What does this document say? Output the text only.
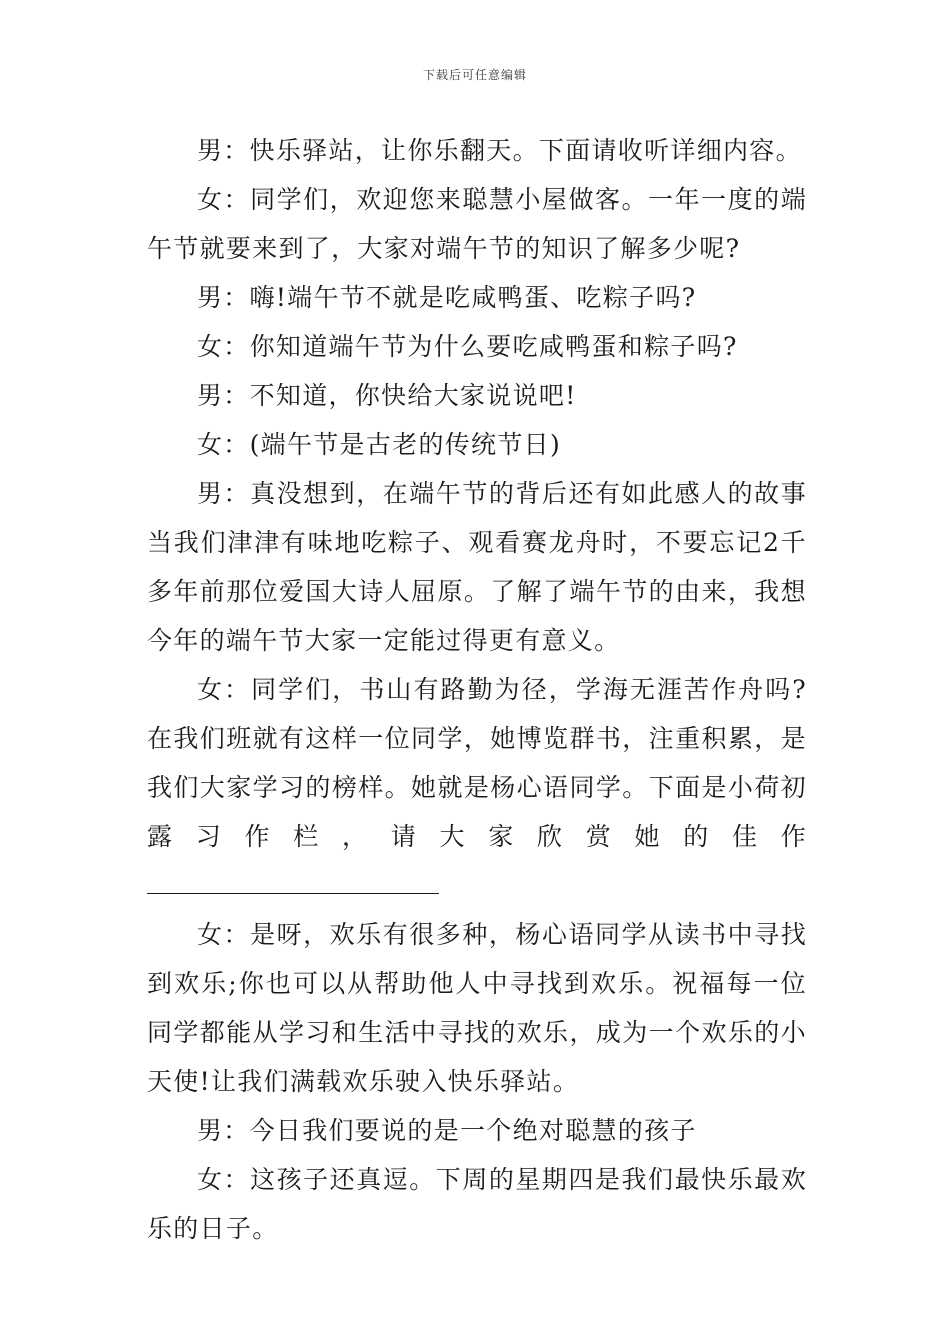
下载后可任意编辑

男：快乐驿站，让你乐翻天。下面请收听详细内容。

女：同学们，欢迎您来聪慧小屋做客。一年一度的端午节就要来到了，大家对端午节的知识了解多少呢?

男：嗨!端午节不就是吃咸鸭蛋、吃粽子吗?

女：你知道端午节为什么要吃咸鸭蛋和粽子吗?

男：不知道，你快给大家说说吧!

女：(端午节是古老的传统节日)

男：真没想到，在端午节的背后还有如此感人的故事当我们津津有味地吃粽子、观看赛龙舟时，不要忘记2千多年前那位爱国大诗人屈原。了解了端午节的由来，我想今年的端午节大家一定能过得更有意义。

女：同学们，书山有路勤为径，学海无涯苦作舟吗?在我们班就有这样一位同学，她博览群书，注重积累，是我们大家学习的榜样。她就是杨心语同学。下面是小荷初露习作栏，请大家欣赏她的佳作

女：是呀，欢乐有很多种，杨心语同学从读书中寻找到欢乐;你也可以从帮助他人中寻找到欢乐。祝福每一位同学都能从学习和生活中寻找的欢乐，成为一个欢乐的小天使!让我们满载欢乐驶入快乐驿站。

男：今日我们要说的是一个绝对聪慧的孩子

女：这孩子还真逗。下周的星期四是我们最快乐最欢乐的日子。
